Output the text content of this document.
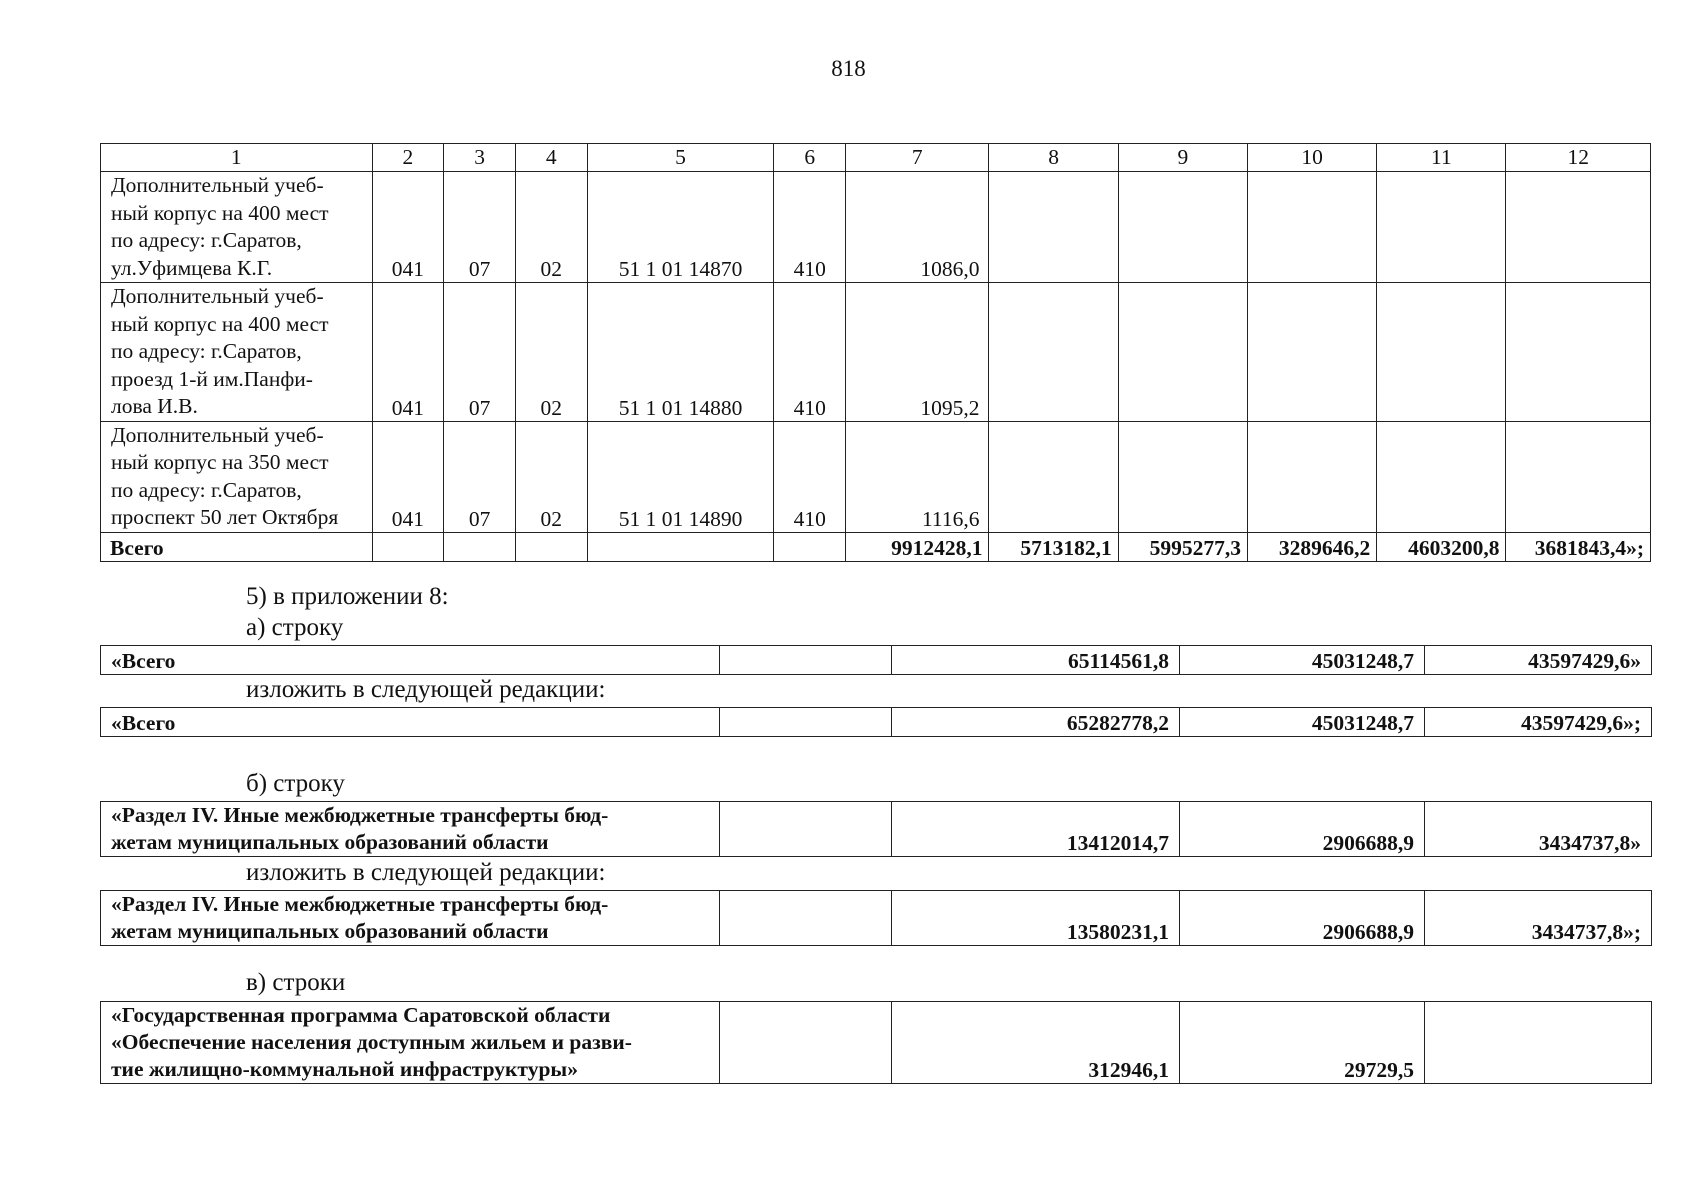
818
1	2	3	4	5	6	7	8	9	10	11	12

Дополнительный учеб-
ный корпус на 400 мест
по адресу: г.Саратов,
ул.Уфимцева К.Г.	041	07	02	51 1 01 14870	410	1086,0					

Дополнительный учеб-
ный корпус на 400 мест
по адресу: г.Саратов,
проезд 1-й им.Панфи-
лова И.В.	041	07	02	51 1 01 14880	410	1095,2					

Дополнительный учеб-
ный корпус на 350 мест
по адресу: г.Саратов,
проспект 50 лет Октября	041	07	02	51 1 01 14890	410	1116,6					
Всего						9912428,1	5713182,1	5995277,3	3289646,2	4603200,8	3681843,4»;
5) в приложении 8:
а) строку
«Всего		65114561,8	45031248,7	43597429,6»
изложить в следующей редакции:
«Всего		65282778,2	45031248,7	43597429,6»;
б) строку
«Раздел IV. Иные межбюджетные трансферты бюд-
жетам муниципальных образований области		13412014,7	2906688,9	3434737,8»
изложить в следующей редакции:
«Раздел IV. Иные межбюджетные трансферты бюд-
жетам муниципальных образований области		13580231,1	2906688,9	3434737,8»;
в) строки
«Государственная программа Саратовской области
«Обеспечение населения доступным жильем и разви-
тие жилищно-коммунальной инфраструктуры»		312946,1	29729,5	
